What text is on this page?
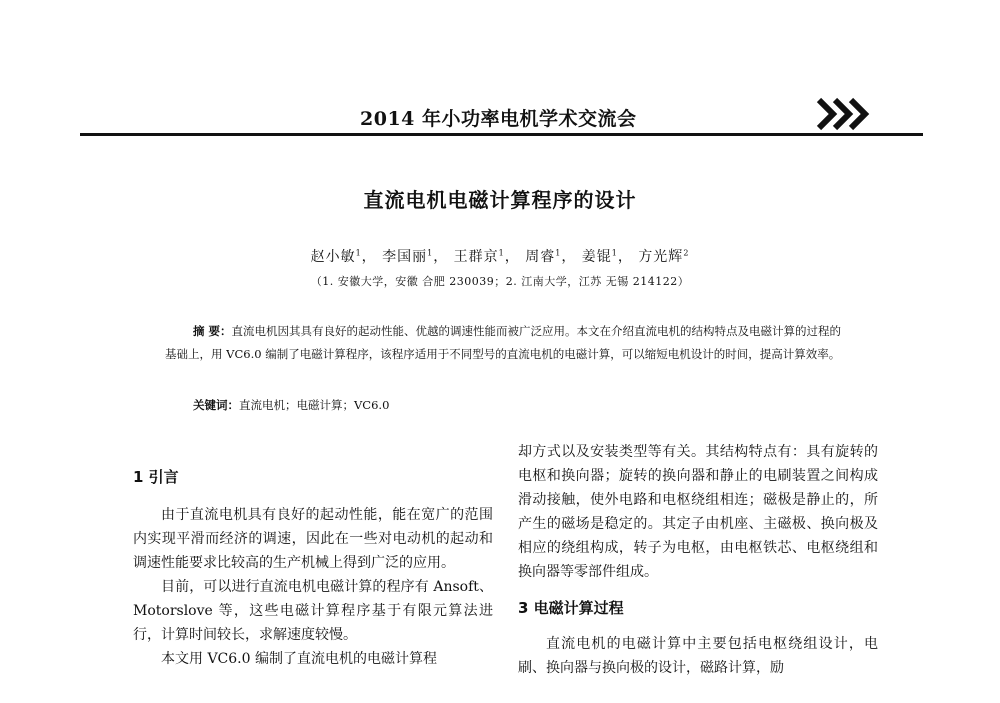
2014 年小功率电机学术交流会
直流电机电磁计算程序的设计
赵小敏$^1$， 李国丽$^1$， 王群京$^1$， 周睿$^1$， 姜锟$^1$， 方光辉$^2$
（1. 安徽大学，安徽 合肥 230039；2. 江南大学，江苏 无锡 214122）
摘 要：直流电机因其具有良好的起动性能、优越的调速性能而被广泛应用。本文在介绍直流电机的结构特点及电磁计算的过程的基础上，用 VC6.0 编制了电磁计算程序，该程序适用于不同型号的直流电机的电磁计算，可以缩短电机设计的时间，提高计算效率。
关键词：直流电机；电磁计算；VC6.0

1 引言

由于直流电机具有良好的起动性能，能在宽广的范围内实现平滑而经济的调速，因此在一些对电动机的起动和调速性能要求比较高的生产机械上得到广泛的应用。

目前，可以进行直流电机电磁计算的程序有 Ansoft、Motorslove 等，这些电磁计算程序基于有限元算法进行，计算时间较长，求解速度较慢。

本文用 VC6.0 编制了直流电机的电磁计算程

却方式以及安装类型等有关。其结构特点有：具有旋转的电枢和换向器；旋转的换向器和静止的电刷装置之间构成滑动接触，使外电路和电枢绕组相连；磁极是静止的，所产生的磁场是稳定的。其定子由机座、主磁极、换向极及相应的绕组构成，转子为电枢，由电枢铁芯、电枢绕组和换向器等零部件组成。

3 电磁计算过程

直流电机的电磁计算中主要包括电枢绕组设计，电刷、换向器与换向极的设计，磁路计算，励
